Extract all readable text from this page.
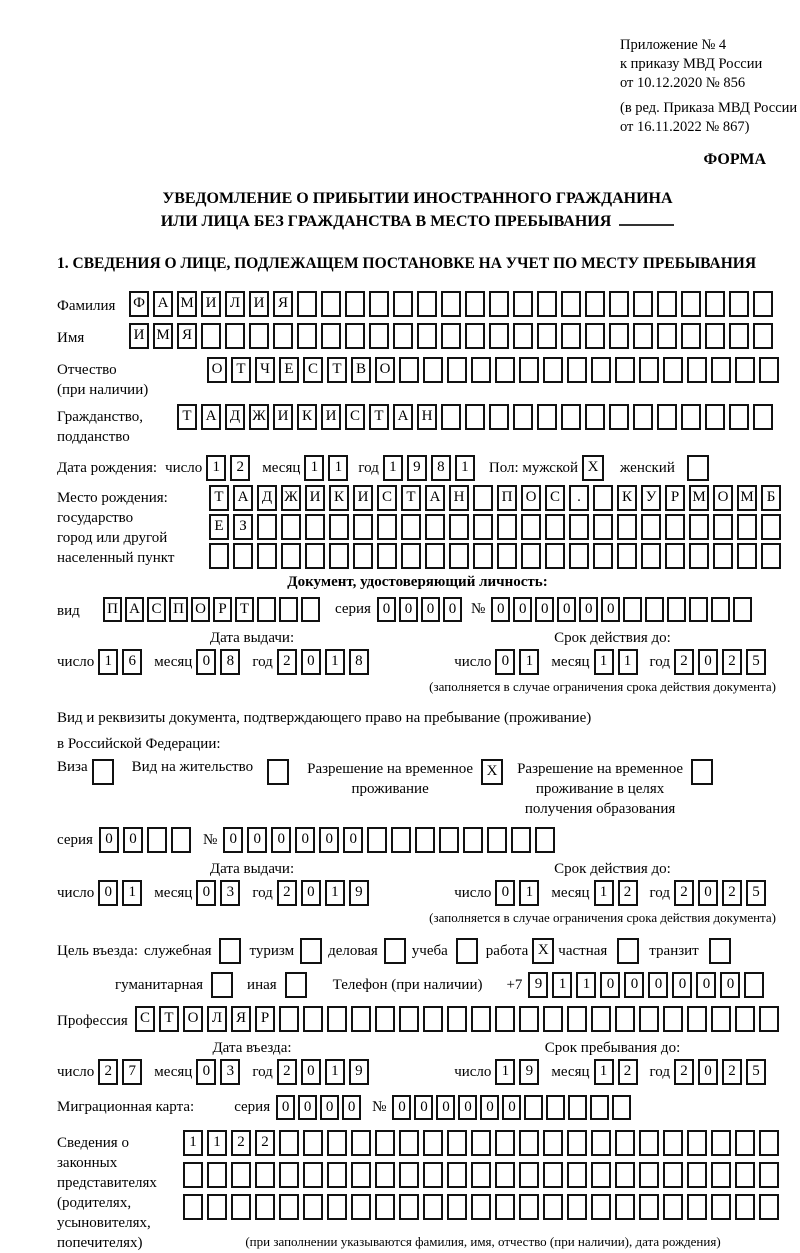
Приложение № 4
к приказу МВД России
от 10.12.2020 № 856
(в ред. Приказа МВД России
от 16.11.2022 № 867)
ФОРМА
УВЕДОМЛЕНИЕ О ПРИБЫТИИ ИНОСТРАННОГО ГРАЖДАНИНА
ИЛИ ЛИЦА БЕЗ ГРАЖДАНСТВА В МЕСТО ПРЕБЫВАНИЯ
1. СВЕДЕНИЯ О ЛИЦЕ, ПОДЛЕЖАЩЕМ ПОСТАНОВКЕ НА УЧЕТ ПО МЕСТУ ПРЕБЫВАНИЯ
Фамилия	Ф А М И Л И Я
Имя	И М Я
Отчество
(при наличии)
О Т Ч Е С Т В О
Гражданство,
подданство
Т А Д Ж И К И С Т А Н
Дата рождения: число 1	2	месяц 1	1	год 1	9	8	1	Пол: мужской X	женский
Место рождения:
государство
город или другой
населенный пункт
Т А Д Ж И К И С Т А Н	П О С	.	К У Р М О М Б
Е	З
Документ, удостоверяющий личность:
вид	П А С П О Р Т	серия 0 0 0 0 № 0 0 0 0 0 0
Дата выдачи:	Срок действия до:
число 1	6	месяц 0	8	год 2	0	1	8	число 0	1	месяц 1	1	год 2	0	2	5
(заполняется в случае ограничения срока действия документа)
Вид и реквизиты документа, подтверждающего право на пребывание (проживание)
в Российской Федерации:
Виза	Вид на жительство	Разрешение на временное
проживание
X	Разрешение на временное
проживание в целях
получения образования
серия 0	0	№ 0	0	0	0	0	0
Дата выдачи:	Срок действия до:
число 0	1	месяц 0	3	год 2	0	1	9	число 0	1	месяц 1	2	год 2	0	2	5
(заполняется в случае ограничения срока действия документа)
Цель въезда: служебная	туризм деловая учеба	работа X частная	транзит
гуманитарная	иная	Телефон (при наличии) +7 9	1	1	0	0	0	0	0	0
Профессия С Т О Л Я Р
Дата въезда:	Срок пребывания до:
число 2	7	месяц 0	3	год 2	0	1	9	число 1	9	месяц 1	2	год 2	0	2	5
Миграционная карта:	серия 0 0 0 0	№ 0 0 0 0 0 0
Сведения о
законных
представителях
(родителях,
усыновителях,
попечителях)
1	1	2	2
(при заполнении указываются фамилия, имя, отчество (при наличии), дата рождения)
